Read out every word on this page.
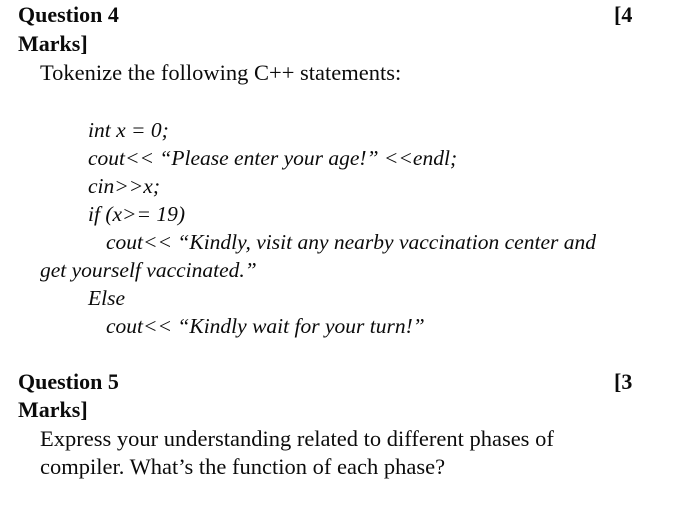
Question 4	[4
Marks]
Tokenize the following C++ statements:
int x = 0;
cout<< “Please enter your age!” <<endl;
cin>>x;
if (x>= 19)
cout<< “Kindly, visit any nearby vaccination center and
get yourself vaccinated.”
Else
cout<< “Kindly wait for your turn!”
Question 5	[3
Marks]
Express your understanding related to different phases of
compiler. What’s the function of each phase?
